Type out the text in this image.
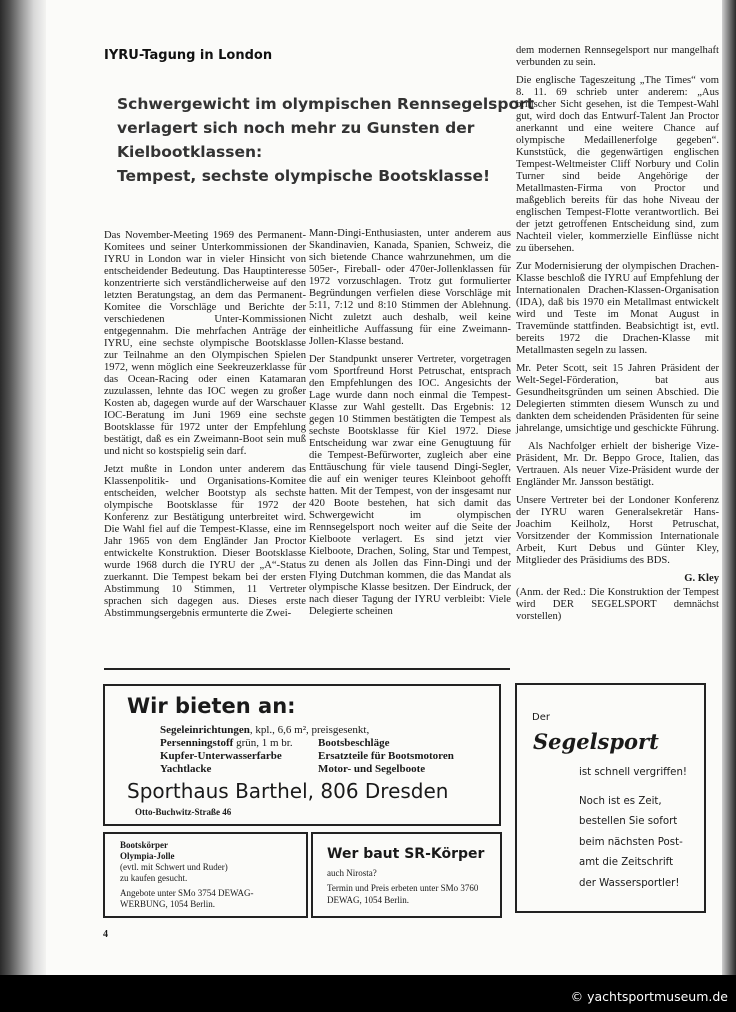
IYRU-Tagung in London
Schwergewicht im olympischen Rennsegelsport
verlagert sich noch mehr zu Gunsten der
Kielbootklassen:
Tempest, sechste olympische Bootsklasse!

Das November-Meeting 1969 des Permanent-Komitees und seiner Unterkommissionen der IYRU in London war in vieler Hinsicht von entscheidender Bedeutung. Das Hauptinteresse konzentrierte sich verständlicherweise auf den letzten Beratungstag, an dem das Permanent-Komitee die Vorschläge und Berichte der verschiedenen Unter-Kommissionen entgegennahm. Die mehrfachen Anträge der IYRU, eine sechste olympische Bootsklasse zur Teilnahme an den Olympischen Spielen 1972, wenn möglich eine Seekreuzerklasse für das Ocean-Racing oder einen Katamaran zuzulassen, lehnte das IOC wegen zu großer Kosten ab, dagegen wurde auf der Warschauer IOC-Beratung im Juni 1969 eine sechste Bootsklasse für 1972 unter der Empfehlung bestätigt, daß es ein Zweimann-Boot sein muß und nicht so kostspielig sein darf.

Jetzt mußte in London unter anderem das Klassenpolitik- und Organisations-Komitee entscheiden, welcher Bootstyp als sechste olympische Bootsklasse für 1972 der Konferenz zur Bestätigung unterbreitet wird. Die Wahl fiel auf die Tempest-Klasse, eine im Jahr 1965 von dem Engländer Jan Proctor entwickelte Konstruktion. Dieser Bootsklasse wurde 1968 durch die IYRU der „A“-Status zuerkannt. Die Tempest bekam bei der ersten Abstimmung 10 Stimmen, 11 Vertreter sprachen sich dagegen aus. Dieses erste Abstimmungsergebnis ermunterte die Zwei-

Mann-Dingi-Enthusiasten, unter anderem aus Skandinavien, Kanada, Spanien, Schweiz, die sich bietende Chance wahrzunehmen, um die 505er-, Fireball- oder 470er-Jollenklassen für 1972 vorzuschlagen. Trotz gut formulierter Begründungen verfielen diese Vorschläge mit 5:11, 7:12 und 8:10 Stimmen der Ablehnung. Nicht zuletzt auch deshalb, weil keine einheitliche Auffassung für eine Zweimann-Jollen-Klasse bestand.

Der Standpunkt unserer Vertreter, vorgetragen vom Sportfreund Horst Petruschat, entsprach den Empfehlungen des IOC. Angesichts der Lage wurde dann noch einmal die Tempest-Klasse zur Wahl gestellt. Das Ergebnis: 12 gegen 10 Stimmen bestätigten die Tempest als sechste Bootsklasse für Kiel 1972. Diese Entscheidung war zwar eine Genugtuung für die Tempest-Befürworter, zugleich aber eine Enttäuschung für viele tausend Dingi-Segler, die auf ein weniger teures Kleinboot gehofft hatten. Mit der Tempest, von der insgesamt nur 420 Boote bestehen, hat sich damit das Schwergewicht im olympischen Rennsegelsport noch weiter auf die Seite der Kielboote verlagert. Es sind jetzt vier Kielboote, Drachen, Soling, Star und Tempest, zu denen als Jollen das Finn-Dingi und der Flying Dutchman kommen, die das Mandat als olympische Klasse besitzen. Der Eindruck, der nach dieser Tagung der IYRU verbleibt: Viele Delegierte scheinen

dem modernen Rennsegelsport nur mangelhaft verbunden zu sein.

Die englische Tageszeitung „The Times“ vom 8. 11. 69 schrieb unter anderem: „Aus britischer Sicht gesehen, ist die Tempest-Wahl gut, wird doch das Entwurf-Talent Jan Proctor anerkannt und eine weitere Chance auf olympische Medaillenerfolge gegeben“. Kunststück, die gegenwärtigen englischen Tempest-Weltmeister Cliff Norbury und Colin Turner sind beide Angehörige der Metallmasten-Firma von Proctor und maßgeblich bereits für das hohe Niveau der englischen Tempest-Flotte verantwortlich. Bei der jetzt getroffenen Entscheidung sind, zum Nachteil vieler, kommerzielle Einflüsse nicht zu übersehen.

Zur Modernisierung der olympischen Drachen-Klasse beschloß die IYRU auf Empfehlung der Internationalen Drachen-Klassen-Organisation (IDA), daß bis 1970 ein Metallmast entwickelt wird und Teste im Monat August in Travemünde stattfinden. Beabsichtigt ist, evtl. bereits 1972 die Drachen-Klasse mit Metallmasten segeln zu lassen.

Mr. Peter Scott, seit 15 Jahren Präsident der Welt-Segel-Förderation, bat aus Gesundheitsgründen um seinen Abschied. Die Delegierten stimmten diesem Wunsch zu und dankten dem scheidenden Präsidenten für seine jahrelange, umsichtige und geschickte Führung.

Als Nachfolger erhielt der bisherige Vize-Präsident, Mr. Dr. Beppo Groce, Italien, das Vertrauen. Als neuer Vize-Präsident wurde der Engländer Mr. Jansson bestätigt.

Unsere Vertreter bei der Londoner Konferenz der IYRU waren Generalsekretär Hans-Joachim Keilholz, Horst Petruschat, Vorsitzender der Kommission Internationale Arbeit, Kurt Debus und Günter Kley, Mitglieder des Präsidiums des BDS.

G. Kley

(Anm. der Red.: Die Konstruktion der Tempest wird DER SEGELSPORT demnächst vorstellen)

Wir bieten an:
Segeleinrichtungen, kpl., 6,6 m², preisgesenkt,
Persenningstoff grün, 1 m br.	Bootsbeschläge
Kupfer-Unterwasserfarbe	Ersatzteile für Bootsmotoren
Yachtlacke	Motor- und Segelboote
Sporthaus Barthel, 806 Dresden
Otto-Buchwitz-Straße 46
Bootskörper
Olympia-Jolle
(evtl. mit Schwert und Ruder)
zu kaufen gesucht.
Angebote unter SMo 3754 DEWAG-WERBUNG, 1054 Berlin.
Wer baut SR-Körper
auch Nirosta?
Termin und Preis erbeten unter SMo 3760 DEWAG, 1054 Berlin.
Der
Segelsport
ist schnell vergriffen!
Noch ist es Zeit,
bestellen Sie sofort
beim nächsten Post-
amt die Zeitschrift
der Wassersportler!
4
© yachtsportmuseum.de
